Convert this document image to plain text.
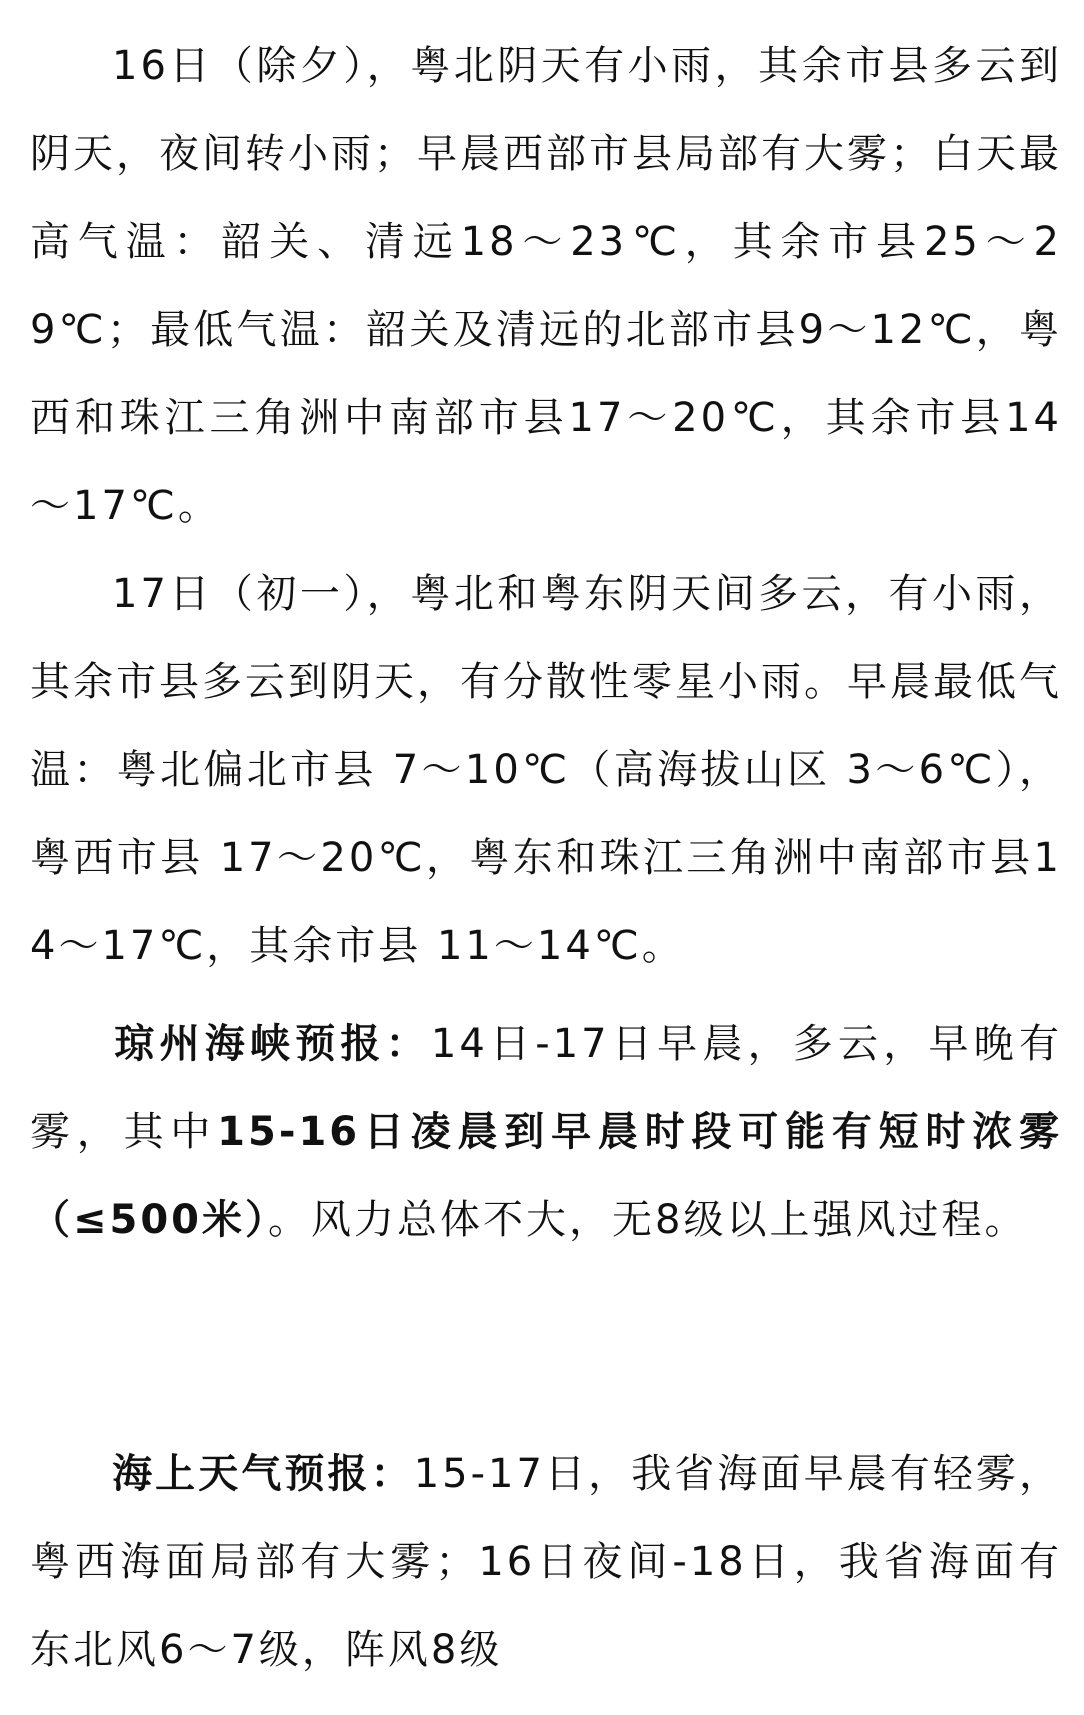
16日（除夕），粤北阴天有小雨，其余市县多云到阴天，夜间转小雨；早晨西部市县局部有大雾；白天最高气温：韶关、清远18～23℃，其余市县25～29℃；最低气温：韶关及清远的北部市县9～12℃，粤西和珠江三角洲中南部市县17～20℃，其余市县14～17℃。

17日（初一），粤北和粤东阴天间多云，有小雨，其余市县多云到阴天，有分散性零星小雨。早晨最低气温：粤北偏北市县 7～10℃（高海拔山区 3～6℃），粤西市县 17～20℃，粤东和珠江三角洲中南部市县14～17℃，其余市县 11～14℃。

琼州海峡预报：14日-17日早晨，多云，早晚有雾，其中15-16日凌晨到早晨时段可能有短时浓雾（≤500米）。风力总体不大，无8级以上强风过程。

海上天气预报：15-17日，我省海面早晨有轻雾，粤西海面局部有大雾；16日夜间-18日，我省海面有东北风6～7级，阵风8级
